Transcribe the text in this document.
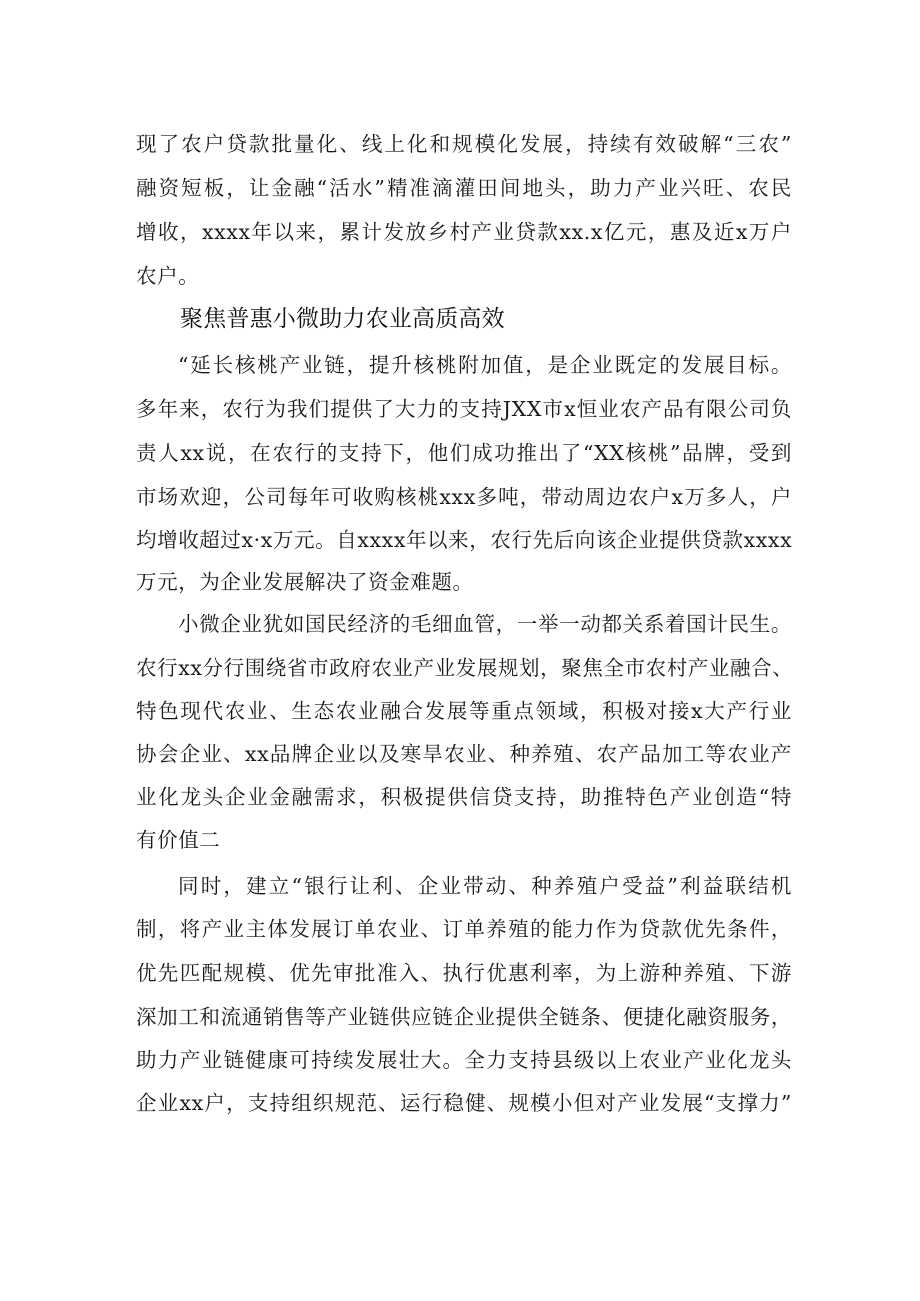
现了农户贷款批量化、线上化和规模化发展，持续有效破解“三农”
融资短板，让金融“活水”精准滴灌田间地头，助力产业兴旺、农民
增收，xxxx年以来，累计发放乡村产业贷款xx.x亿元，惠及近x万户
农户。
聚焦普惠小微助力农业高质高效
“延长核桃产业链，提升核桃附加值，是企业既定的发展目标。
多年来，农行为我们提供了大力的支持JXX市x恒业农产品有限公司负
责人xx说，在农行的支持下，他们成功推出了“XX核桃”品牌，受到
市场欢迎，公司每年可收购核桃xxx多吨，带动周边农户x万多人，户
均增收超过x·x万元。自xxxx年以来，农行先后向该企业提供贷款xxxx
万元，为企业发展解决了资金难题。
小微企业犹如国民经济的毛细血管，一举一动都关系着国计民生。
农行xx分行围绕省市政府农业产业发展规划，聚焦全市农村产业融合、
特色现代农业、生态农业融合发展等重点领域，积极对接x大产行业
协会企业、xx品牌企业以及寒旱农业、种养殖、农产品加工等农业产
业化龙头企业金融需求，积极提供信贷支持，助推特色产业创造“特
有价值二
同时，建立“银行让利、企业带动、种养殖户受益”利益联结机
制，将产业主体发展订单农业、订单养殖的能力作为贷款优先条件，
优先匹配规模、优先审批准入、执行优惠利率，为上游种养殖、下游
深加工和流通销售等产业链供应链企业提供全链条、便捷化融资服务，
助力产业链健康可持续发展壮大。全力支持县级以上农业产业化龙头
企业xx户，支持组织规范、运行稳健、规模小但对产业发展“支撑力”
